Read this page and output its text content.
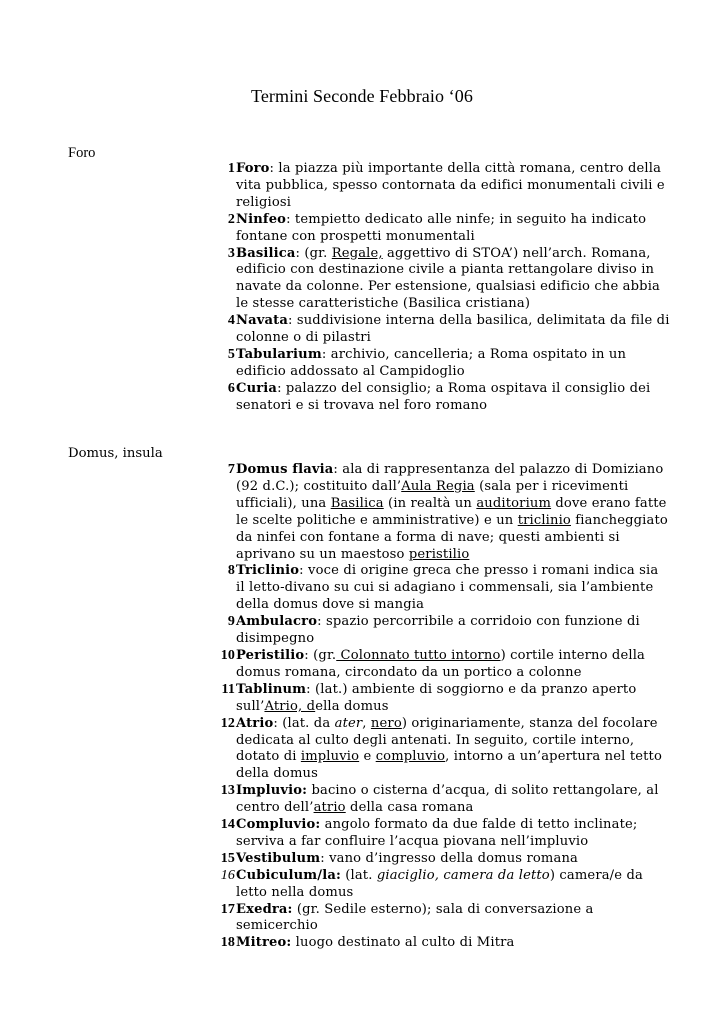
Termini Seconde Febbraio ‘06
Foro
1 Foro: la piazza più importante della città romana, centro della vita pubblica, spesso contornata da edifici monumentali civili e religiosi
2 Ninfeo: tempietto dedicato alle ninfe; in seguito ha indicato fontane con prospetti monumentali
3 Basilica: (gr. Regale, aggettivo di STOA’) nell’arch. Romana, edificio con destinazione civile a pianta rettangolare diviso in navate da colonne. Per estensione, qualsiasi edificio che abbia le stesse caratteristiche (Basilica cristiana)
4 Navata: suddivisione interna della basilica, delimitata da file di colonne o di pilastri
5 Tabularium: archivio, cancelleria; a Roma ospitato in un edificio addossato al Campidoglio
6 Curia: palazzo del consiglio; a Roma ospitava il consiglio dei senatori e si trovava nel foro romano
Domus, insula
7 Domus flavia: ala di rappresentanza del palazzo di Domiziano (92 d.C.); costituito dall’Aula Regia (sala per i ricevimenti ufficiali), una Basilica (in realtà un auditorium dove erano fatte le scelte politiche e amministrative) e un triclinio fiancheggiato da ninfei con fontane a forma di nave; questi ambienti si aprivano su un maestoso peristilio
8 Triclinio: voce di origine greca che presso i romani indica sia il letto-divano su cui si adagiano i commensali, sia l’ambiente della domus dove si mangia
9 Ambulacro: spazio percorribile a corridoio con funzione di disimpegno
10 Peristilio: (gr. Colonnato tutto intorno) cortile interno della domus romana, circondato da un portico a colonne
11 Tablinum: (lat.) ambiente di soggiorno e da pranzo aperto sull’Atrio, della domus
12 Atrio: (lat. da ater, nero) originariamente, stanza del focolare dedicata al culto degli antenati. In seguito, cortile interno, dotato di impluvio e compluvio, intorno a un’apertura nel tetto della domus
13 Impluvio: bacino o cisterna d’acqua, di solito rettangolare, al centro dell’atrio della casa romana
14 Compluvio: angolo formato da due falde di tetto inclinate; serviva a far confluire l’acqua piovana nell’impluvio
15 Vestibulum: vano d’ingresso della domus romana
16 Cubiculum/la: (lat. giaciglio, camera da letto) camera/e da letto nella domus
17 Exedra: (gr. Sedile esterno); sala di conversazione a semicerchio
18 Mitreo: luogo destinato al culto di Mitra
